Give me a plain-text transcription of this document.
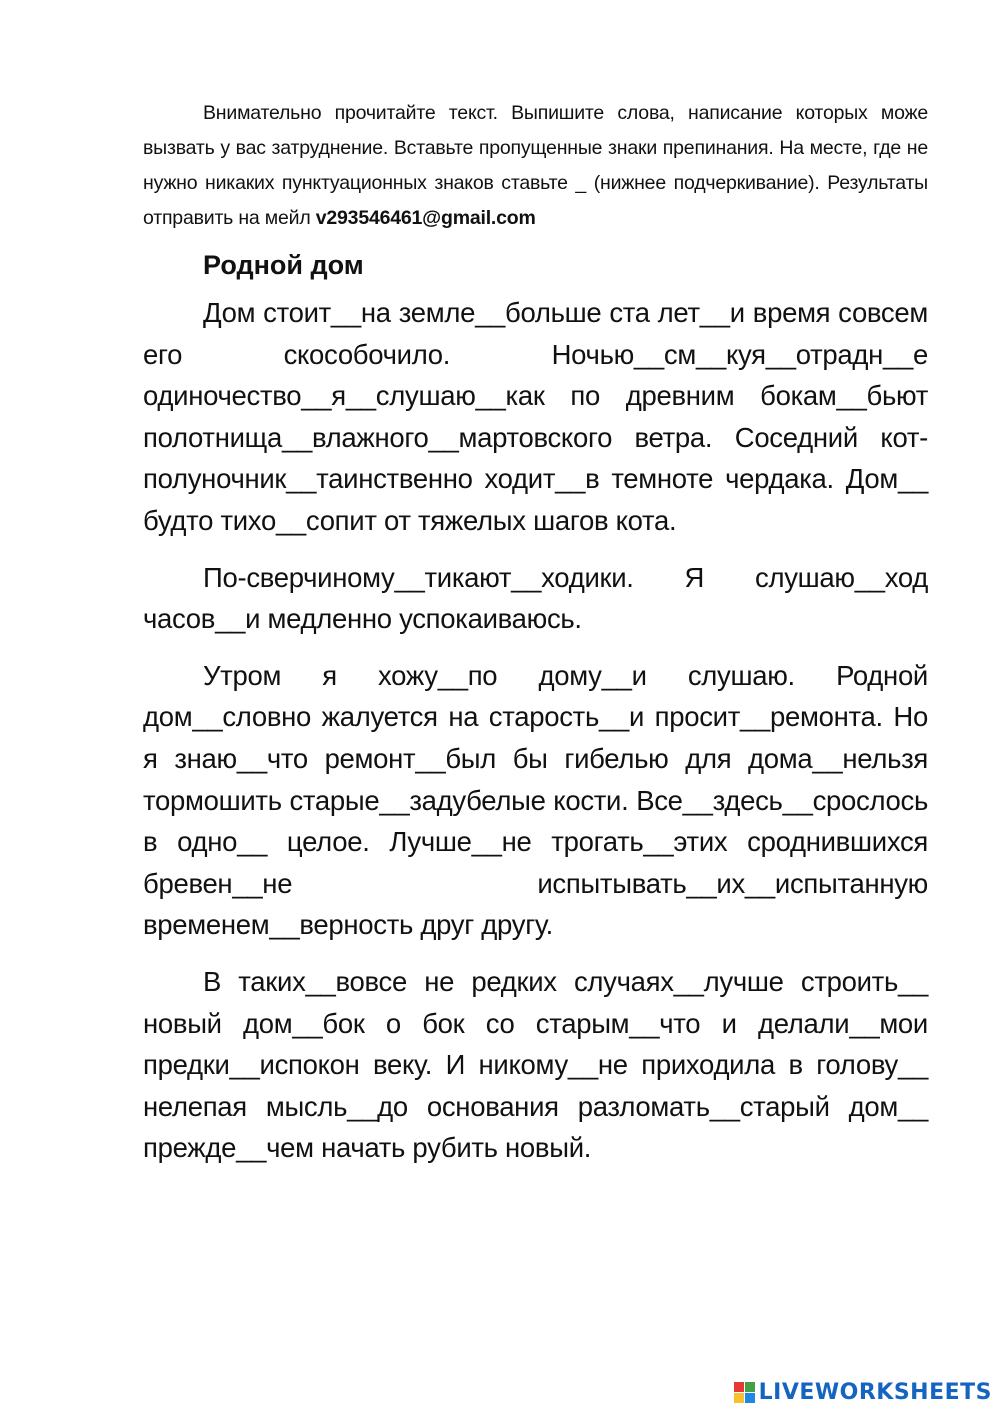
Внимательно прочитайте текст. Выпишите слова, написание которых може вызвать у вас затруднение. Вставьте пропущенные знаки препинания. На месте, где не нужно никаких пунктуационных знаков ставьте _ (нижнее подчеркивание). Результаты отправить на мейл v293546461@gmail.com

Родной дом

Дом стоит__на земле__больше ста лет__и время совсем его скособочило. Ночью__см__куя__отрадн__е одиночество__я__слушаю__как по древним бокам__бьют полотнища__влажного__мартовского ветра. Соседний кот-полуночник__таинственно ходит__в темноте чердака. Дом__ будто тихо__сопит от тяжелых шагов кота.

По-сверчиному__тикают__ходики. Я слушаю__ход часов__и медленно успокаиваюсь.

Утром я хожу__по дому__и слушаю. Родной дом__словно жалуется на старость__и просит__ремонта. Но я знаю__что ремонт__был бы гибелью для дома__нельзя тормошить старые__задубелые кости. Все__здесь__срослось в одно__ целое. Лучше__не трогать__этих сроднившихся бревен__не испытывать__их__испытанную временем__верность друг другу.

В таких__вовсе не редких случаях__лучше строить__ новый дом__бок о бок со старым__что и делали__мои предки__испокон веку. И никому__не приходила в голову__ нелепая мысль__до основания разломать__старый дом__ прежде__чем начать рубить новый.

LIVEWORKSHEETS
